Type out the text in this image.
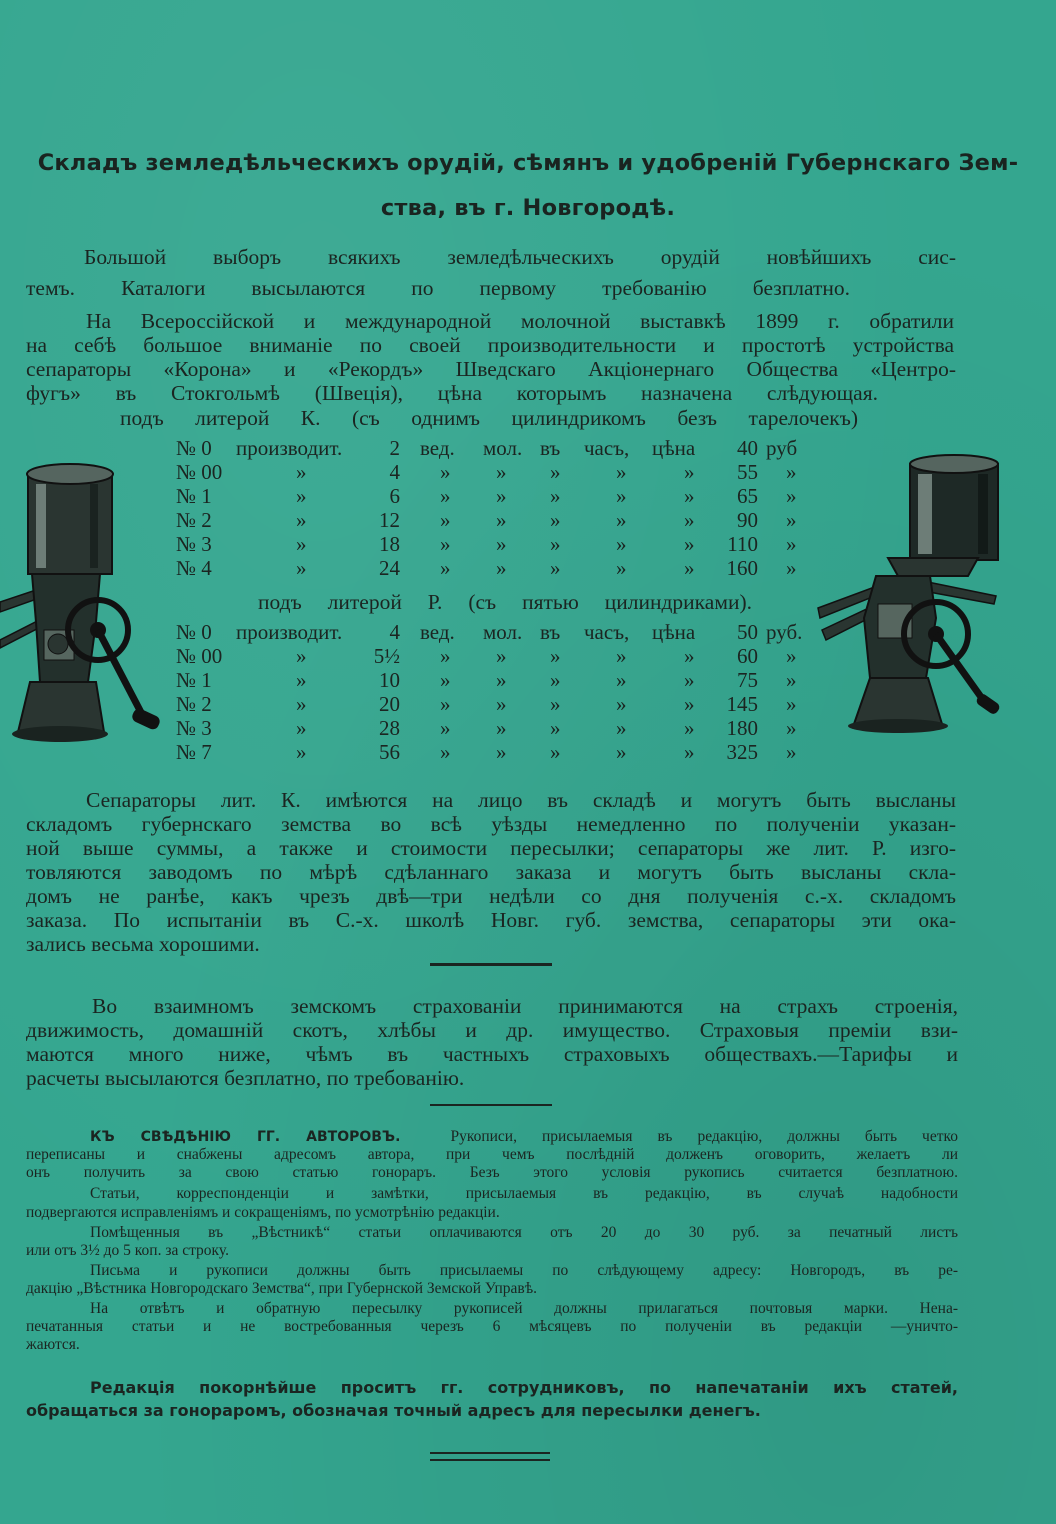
Складъ земледѣльческихъ орудій, сѣмянъ и удобреній Губернскаго Зем-
ства, въ г. Новгородѣ.
Большой выборъ всякихъ земледѣльческихъ орудій новѣйшихъ сис-
темъ. Каталоги высылаются по первому требованію безплатно.
На Всероссійской и международной молочной выставкѣ 1899 г. обратили
на себѣ большое вниманіе по своей производительности и простотѣ устройства
сепараторы «Корона» и «Рекордъ» Шведскаго Акціонернаго Общества «Центро-
фугъ» въ Стокгольмѣ (Швеція), цѣна которымъ назначена слѣдующая.
подъ литерой К. (съ однимъ цилиндрикомъ безъ тарелочекъ)
№ 0 производит.	2 вед. мол. въ часъ, цѣна	40 руб
№ 00	»	4 » » »	»	»	55 »
№ 1	»	6 » » »	»	»	65 »
№ 2	»	12 » » »	»	»	90 »
№ 3	»	18 » » »	»	»	110 »
№ 4	»	24 » » »	»	»	160 »
подъ литерой Р. (съ пятью цилиндриками).
№ 0 производит.	4 вед. мол. въ часъ, цѣна	50 руб.
№ 00	»	5½ » » »	»	»	60 »
№ 1	»	10 » » »	»	»	75 »
№ 2	»	20 » » »	»	»	145 »
№ 3	»	28 » » »	»	»	180 »
№ 7	»	56 » » »	»	»	325 »
Сепараторы лит. К. имѣются на лицо въ складѣ и могутъ быть высланы
складомъ губернскаго земства во всѣ уѣзды немедленно по полученіи указан-
ной выше суммы, а также и стоимости пересылки; сепараторы же лит. Р. изго-
товляются заводомъ по мѣрѣ сдѣланнаго заказа и могутъ быть высланы скла-
домъ не ранѣе, какъ чрезъ двѣ—три недѣли со дня полученія с.-х. складомъ
заказа. По испытаніи въ С.-х. школѣ Новг. губ. земства, сепараторы эти ока-
зались весьма хорошими.
Во взаимномъ земскомъ страхованіи принимаются на страхъ строенія,
движимость, домашній скотъ, хлѣбы и др. имущество. Страховыя преміи взи-
маются много ниже, чѣмъ въ частныхъ страховыхъ обществахъ.—Тарифы и
расчеты высылаются безплатно, по требованію.
КЪ СВѢДѢНІЮ ГГ. АВТОРОВЪ.	Рукописи, присылаемыя въ редакцію, должны быть четко
переписаны и снабжены адресомъ автора, при чемъ послѣдній долженъ оговорить, желаетъ ли
онъ получить за свою статью гонораръ. Безъ этого условія рукопись считается безплатною.
Статьи, корреспонденціи и замѣтки, присылаемыя въ редакцію, въ случаѣ надобности
подвергаются исправленіямъ и сокращеніямъ, по усмотрѣнію редакціи.
Помѣщенныя въ „Вѣстникѣ“ статьи оплачиваются отъ 20 до 30 руб. за печатный листъ
или отъ 3½ до 5 коп. за строку.
Письма и рукописи должны быть присылаемы по слѣдующему адресу: Новгородъ, въ ре-
дакцію „Вѣстника Новгородскаго Земства“, при Губернской Земской Управѣ.
На отвѣтъ и обратную пересылку рукописей должны прилагаться почтовыя марки. Нена-
печатанныя статьи и не востребованныя черезъ 6 мѣсяцевъ по полученіи въ редакціи —уничто-
жаются.
Редакція покорнѣйше проситъ гг. сотрудниковъ, по напечатаніи ихъ статей,
обращаться за гонораромъ, обозначая точный адресъ для пересылки денегъ.
